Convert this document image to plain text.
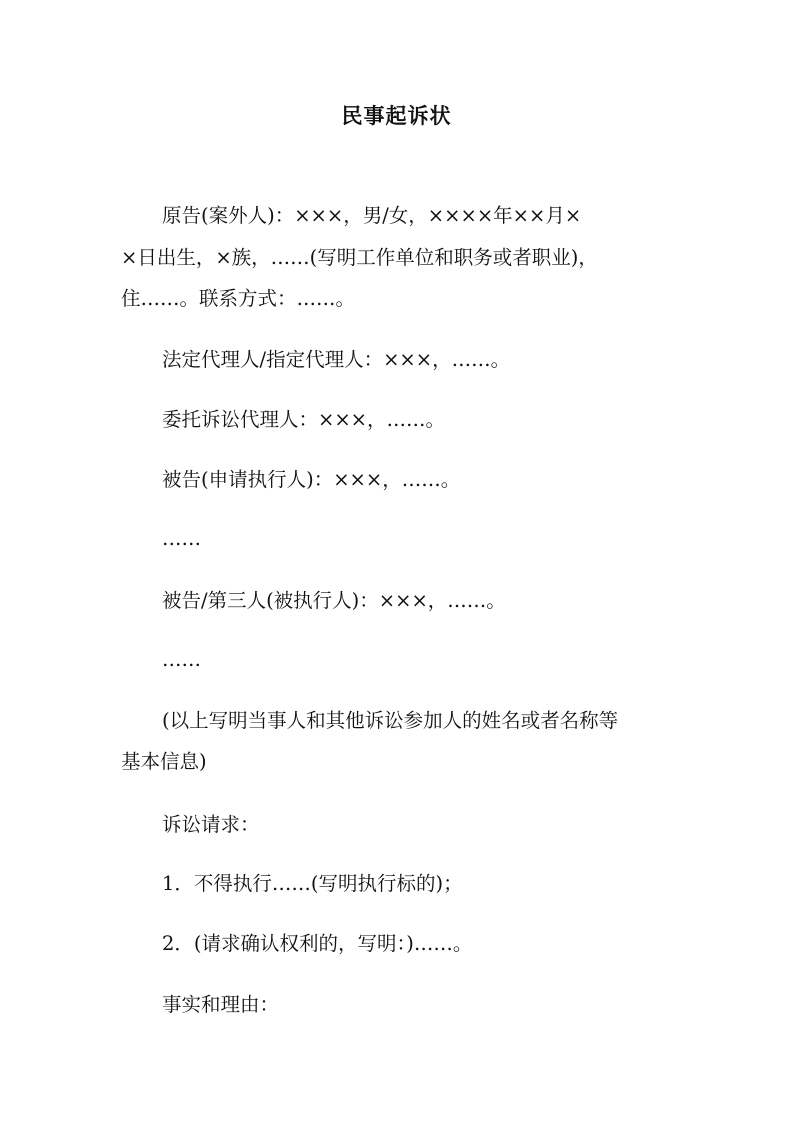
民事起诉状
原告(案外人)：×××，男/女，××××年××月×
×日出生，×族，……(写明工作单位和职务或者职业)，
住……。联系方式：……。
法定代理人/指定代理人：×××，……。
委托诉讼代理人：×××，……。
被告(申请执行人)：×××，……。
……
被告/第三人(被执行人)：×××，……。
……
(以上写明当事人和其他诉讼参加人的姓名或者名称等
基本信息)
诉讼请求：
1．不得执行……(写明执行标的)；
2．(请求确认权利的，写明：)……。
事实和理由：
